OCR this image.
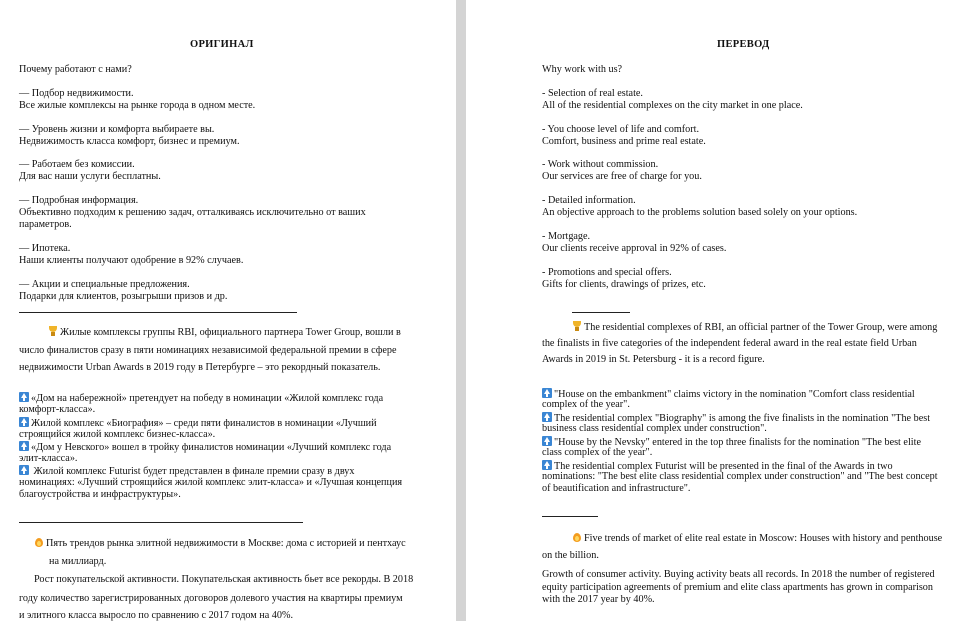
ОРИГИНАЛ
Почему работают с нами?
— Подбор недвижимости.
Все жилые комплексы на рынке города в одном месте.
— Уровень жизни и комфорта выбираете вы.
Недвижимость класса комфорт, бизнес и премиум.
— Работаем без комиссии.
Для вас наши услуги бесплатны.
— Подробная информация.
Объективно подходим к решению задач, отталкиваясь исключительно от ваших
параметров.
— Ипотека.
Наши клиенты получают одобрение в 92% случаев.
— Акции и специальные предложения.
Подарки для клиентов, розыгрыши призов и др.
Жилые комплексы группы RBI, официального партнера Tower Group, вошли в
число финалистов сразу в пяти номинациях независимой федеральной премии в сфере
недвижимости Urban Awards в 2019 году в Петербурге – это рекордный показатель.
«Дом на набережной» претендует на победу в номинации «Жилой комплекс года
комфорт-класса».
Жилой комплекс «Биография» – среди пяти финалистов в номинации «Лучший
строящийся жилой комплекс бизнес-класса».
«Дом у Невского» вошел в тройку финалистов номинации «Лучший комплекс года
элит-класса».
Жилой комплекс Futurist будет представлен в финале премии сразу в двух
номинациях: «Лучший строящийся жилой комплекс элит-класса» и «Лучшая концепция
благоустройства и инфраструктуры».
Пять трендов рынка элитной недвижимости в Москве: дома с историей и пентхаус
на миллиард.
Рост покупательской активности. Покупательская активность бьет все рекорды. В 2018
году количество зарегистрированных договоров долевого участия на квартиры премиум
и элитного класса выросло по сравнению с 2017 годом на 40%.
ПЕРЕВОД
Why work with us?
- Selection of real estate.
All of the residential complexes on the city market in one place.
- You choose level of life and comfort.
Comfort, business and prime real estate.
- Work without commission.
Our services are free of charge for you.
- Detailed information.
An objective approach to the problems solution based solely on your options.
- Mortgage.
Our clients receive approval in 92% of cases.
- Promotions and special offers.
Gifts for clients, drawings of prizes, etc.
The residential complexes of RBI, an official partner of the Tower Group, were among
the finalists in five categories of the independent federal award in the real estate field Urban
Awards in 2019 in St. Petersburg - it is a record figure.
"House on the embankment" claims victory in the nomination "Comfort class residential
complex of the year".
The residential complex "Biography" is among the five finalists in the nomination "The best
business class residential complex under construction".
"House by the Nevsky" entered in the top three finalists for the nomination "The best elite
class complex of the year".
The residential complex Futurist will be presented in the final of the Awards in two
nominations: "The best elite class residential complex under construction" and "The best concept
of beautification and infrastructure".
Five trends of market of elite real estate in Moscow: Houses with history and penthouse
on the billion.
Growth of consumer activity. Buying activity beats all records. In 2018 the number of registered
equity participation agreements of premium and elite class apartments has grown in comparison
with the 2017 year by 40%.
